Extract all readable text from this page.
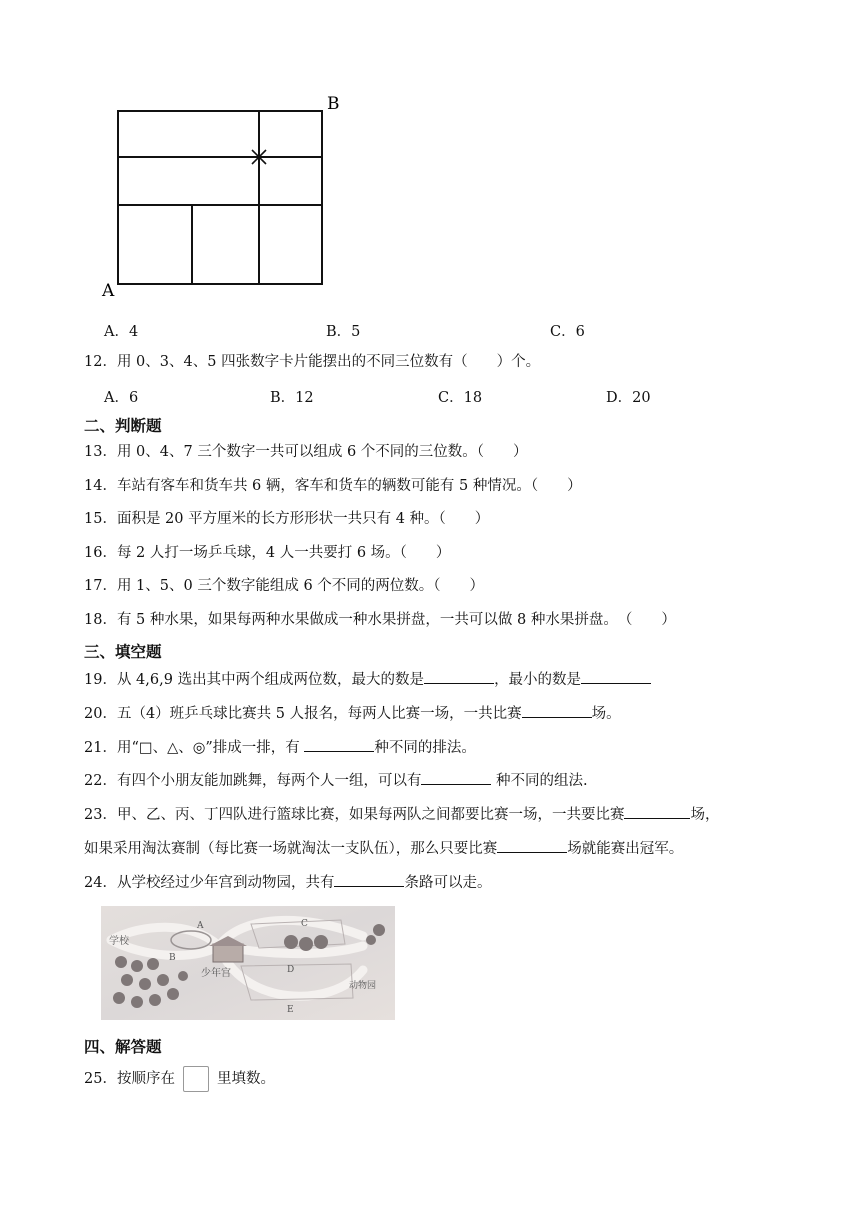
A
B
A．4	B．5	C．6
12．用 0、3、4、5 四张数字卡片能摆出的不同三位数有（　　）个。
A．6	B．12	C．18	D．20
二、判断题
13．用 0、4、7 三个数字一共可以组成 6 个不同的三位数。（　　）
14．车站有客车和货车共 6 辆，客车和货车的辆数可能有 5 种情况。（　　）
15．面积是 20 平方厘米的长方形形状一共只有 4 种。（　　）
16．每 2 人打一场乒乓球，4 人一共要打 6 场。（　　）
17．用 1、5、0 三个数字能组成 6 个不同的两位数。（　　）
18．有 5 种水果，如果每两种水果做成一种水果拼盘，一共可以做 8 种水果拼盘。　（　　）
三、填空题
19．从 4,6,9 选出其中两个组成两位数，最大的数是	，最小的数是
20．五（4）班乒乓球比赛共 5 人报名，每两人比赛一场，一共比赛	场。
21．用“□、△、◎”排成一排，有	种不同的排法。
22．有四个小朋友能加跳舞，每两个人一组，可以有	种不同的组法.
23．甲、乙、丙、丁四队进行篮球比赛，如果每两队之间都要比赛一场，一共要比赛	场，
如果采用淘汰赛制（每比赛一场就淘汰一支队伍），那么只要比赛	场就能赛出冠军。
24．从学校经过少年宫到动物园，共有	条路可以走。
学校
少年宫
动物园
A
B
C
D
E
四、解答题
25．按顺序在	里填数。
